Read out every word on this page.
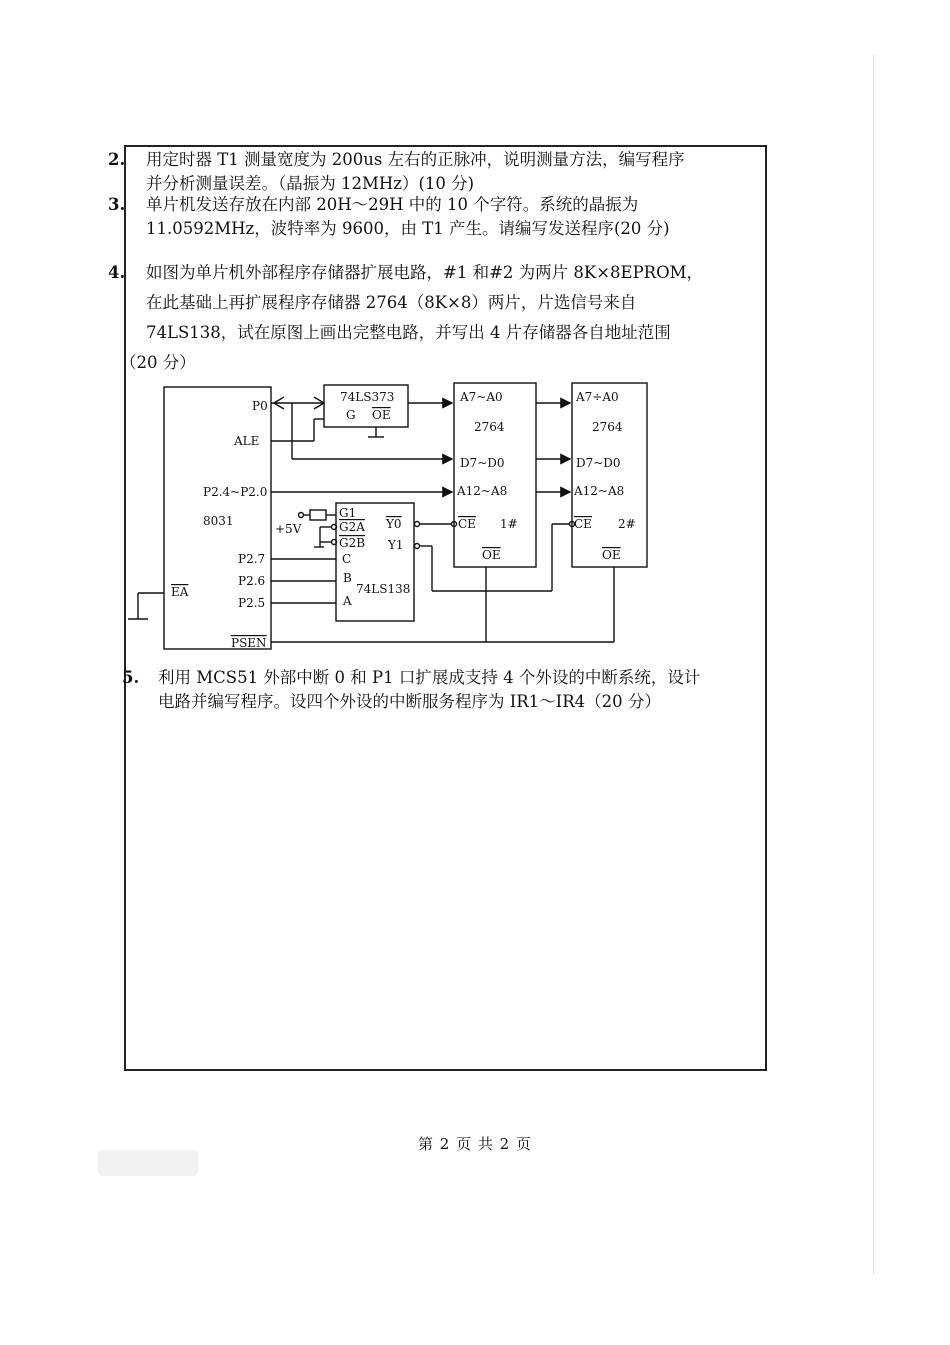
2. 用定时器 T1 测量宽度为 200us 左右的正脉冲，说明测量方法，编写程序
并分析测量误差。（晶振为 12MHz）(10 分)
3. 单片机发送存放在内部 20H～29H 中的 10 个字符。系统的晶振为
11.0592MHz，波特率为 9600，由 T1 产生。请编写发送程序(20 分)
4. 如图为单片机外部程序存储器扩展电路，#1 和#2 为两片 8K×8EPROM，
在此基础上再扩展程序存储器 2764（8K×8）两片，片选信号来自
74LS138，试在原图上画出完整电路，并写出 4 片存储器各自地址范围
（20 分）
P0
ALE
P2.4~P2.0
8031
P2.7
P2.6
P2.5
EA
PSEN
74LS373
G OE
G1
G2A
G2B
C
B
A
74LS138
Y0
Y1
+5V
A7~A0
2764
D7~D0
A12~A8
CE 1#
OE
A7÷A0
2764
D7~D0
A12~A8
CE 2#
OE
5. 利用 MCS51 外部中断 0 和 P1 口扩展成支持 4 个外设的中断系统，设计
电路并编写程序。设四个外设的中断服务程序为 IR1～IR4（20 分）
第 2 页 共 2 页
